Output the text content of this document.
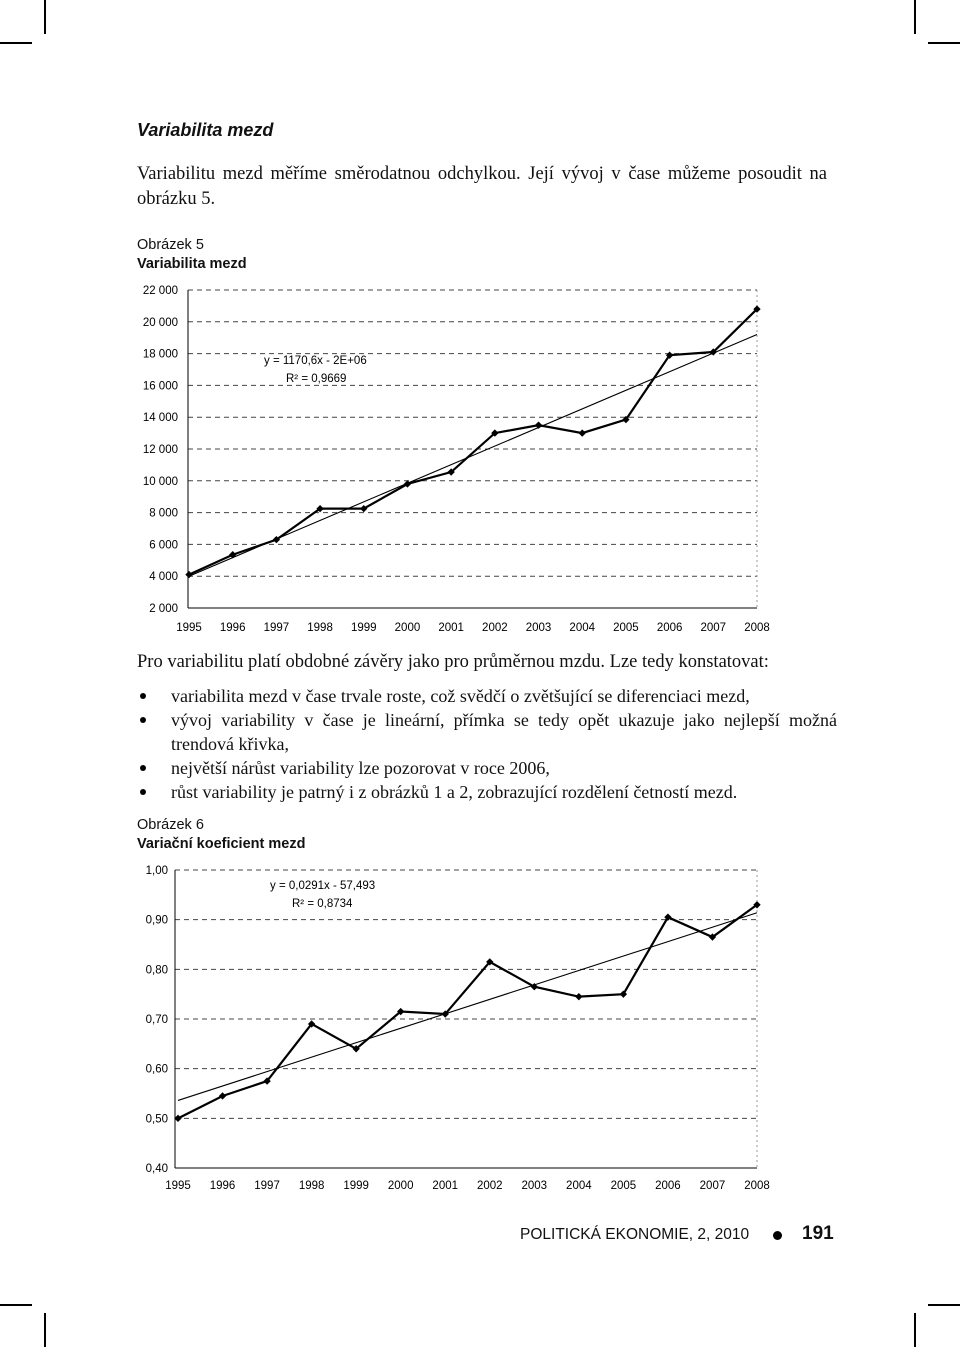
Variabilita mezd
Variabilitu mezd měříme směrodatnou odchylkou. Její vývoj v čase můžeme posoudit na obrázku 5.
Obrázek 5
Variabilita mezd
2 000
4 000
6 000
8 000
10 000
12 000
14 000
16 000
18 000
20 000
22 000
1995 1996 1997 1998 1999 2000 2001 2002 2003 2004 2005 2006 2007 2008
y = 1170,6x - 2E+06
R² = 0,9669
Pro variabilitu platí obdobné závěry jako pro průměrnou mzdu. Lze tedy konstatovat:
variabilita mezd v čase trvale roste, což svědčí o zvětšující se diferenciaci mezd,
vývoj variability v čase je lineární, přímka se tedy opět ukazuje jako nejlepší možná trendová křivka,
největší nárůst variability lze pozorovat v roce 2006,
růst variability je patrný i z obrázků 1 a 2, zobrazující rozdělení četností mezd.
Obrázek 6
Variační koeficient mezd
0,40
0,50
0,60
0,70
0,80
0,90
1,00
1995 1996 1997 1998 1999 2000 2001 2002 2003 2004 2005 2006 2007 2008
y = 0,0291x - 57,493
R² = 0,8734
POLITICKÁ EKONOMIE, 2, 2010	191
